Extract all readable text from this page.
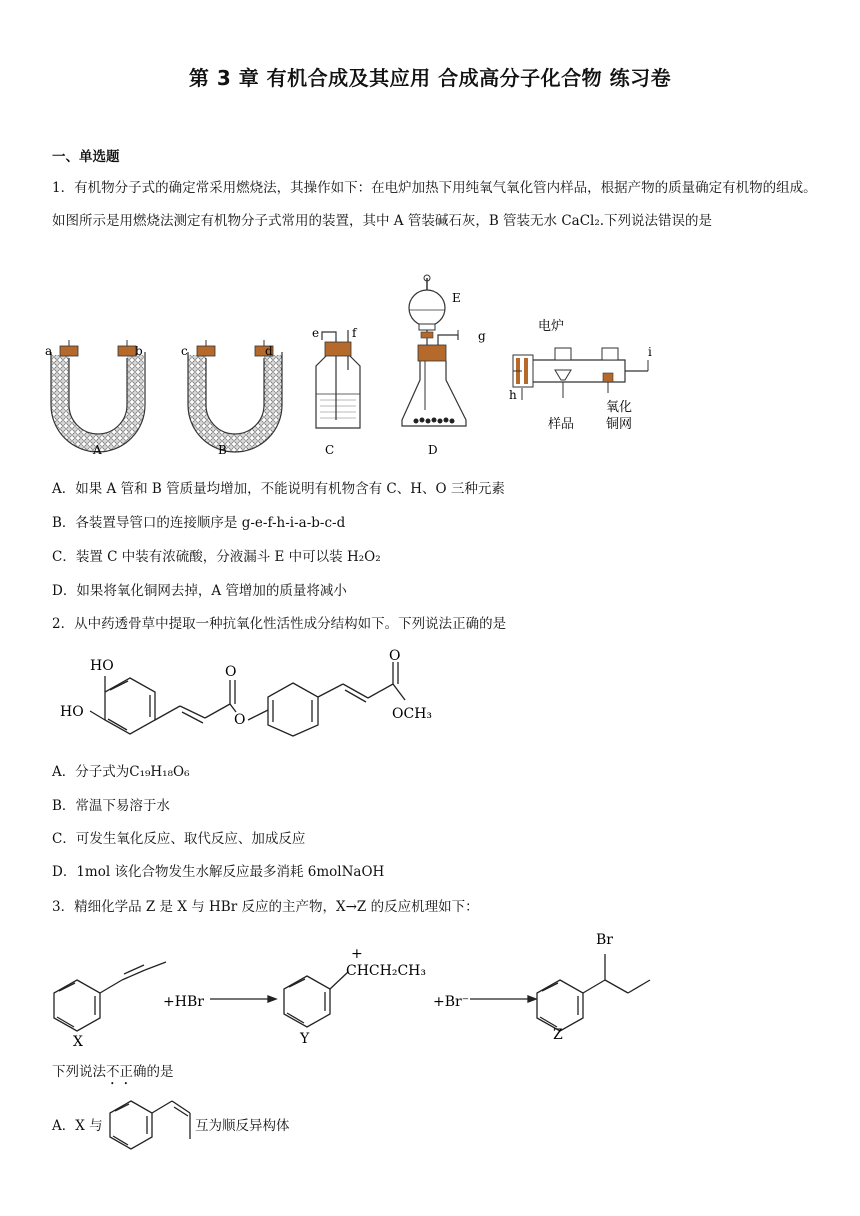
第 3 章 有机合成及其应用 合成高分子化合物 练习卷
一、单选题
1．有机物分子式的确定常采用燃烧法，其操作如下：在电炉加热下用纯氧气氧化管内样品，根据产物的质量确定有机物的组成。如图所示是用燃烧法测定有机物分子式常用的装置，其中 A 管装碱石灰，B 管装无水 CaCl₂.下列说法错误的是
a	b	c	d
e	f
E
g
h
i
电炉
样品
氧化
铜网
A	B	C	D
A．如果 A 管和 B 管质量均增加，不能说明有机物含有 C、H、O 三种元素
B．各装置导管口的连接顺序是 g-e-f-h-i-a-b-c-d
C．装置 C 中装有浓硫酸，分液漏斗 E 中可以装 H₂O₂
D．如果将氧化铜网去掉，A 管增加的质量将减小
2．从中药透骨草中提取一种抗氧化性活性成分结构如下。下列说法正确的是
HO
HO
O
O
O
OCH₃
A．分子式为C₁₉H₁₈O₆
B．常温下易溶于水
C．可发生氧化反应、取代反应、加成反应
D．1mol 该化合物发生水解反应最多消耗 6molNaOH
3．精细化学品 Z 是 X 与 HBr 反应的主产物，X→Z 的反应机理如下：
X
+HBr
+
CHCH₂CH₃
Y
+Br⁻
Br
Z
下列说法不正确的是
A．X 与	互为顺反异构体
